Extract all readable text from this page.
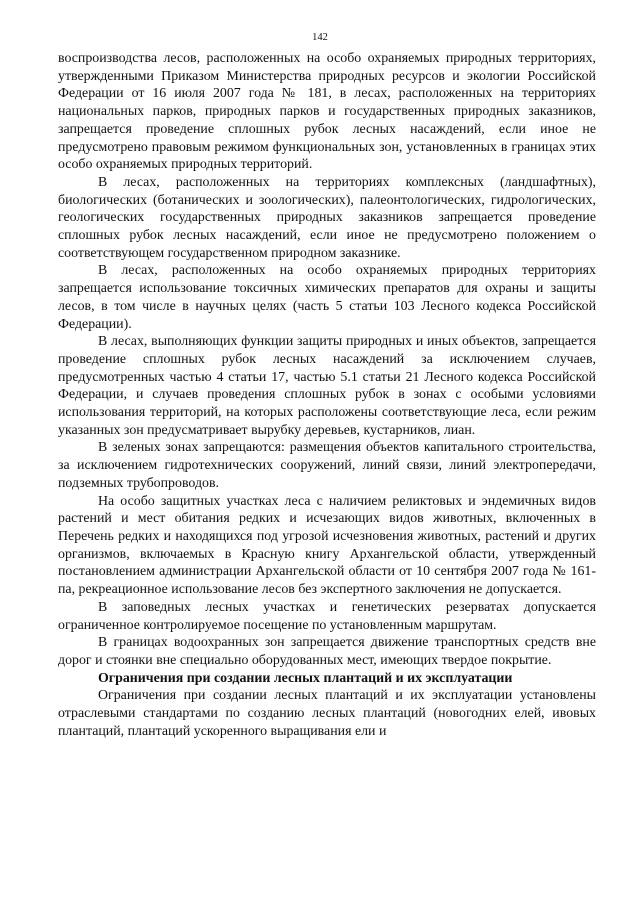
142

воспроизводства лесов, расположенных на особо охраняемых природных территориях, утвержденными Приказом Министерства природных ресурсов и экологии Российской Федерации от 16 июля 2007 года № 181, в лесах, расположенных на территориях национальных парков, природных парков и государственных природных заказников, запрещается проведение сплошных рубок лесных насаждений, если иное не предусмотрено правовым режимом функциональных зон, установленных в границах этих особо охраняемых природных территорий.

В лесах, расположенных на территориях комплексных (ландшафтных), биологических (ботанических и зоологических), палеонтологических, гидрологических, геологических государственных природных заказников запрещается проведение сплошных рубок лесных насаждений, если иное не предусмотрено положением о соответствующем государственном природном заказнике.

В лесах, расположенных на особо охраняемых природных территориях запрещается использование токсичных химических препаратов для охраны и защиты лесов, в том числе в научных целях (часть 5 статьи 103 Лесного кодекса Российской Федерации).

В лесах, выполняющих функции защиты природных и иных объектов, запрещается проведение сплошных рубок лесных насаждений за исключением случаев, предусмотренных частью 4 статьи 17, частью 5.1 статьи 21 Лесного кодекса Российской Федерации, и случаев проведения сплошных рубок в зонах с особыми условиями использования территорий, на которых расположены соответствующие леса, если режим указанных зон предусматривает вырубку деревьев, кустарников, лиан.

В зеленых зонах запрещаются: размещения объектов капитального строительства, за исключением гидротехнических сооружений, линий связи, линий электропередачи, подземных трубопроводов.

На особо защитных участках леса с наличием реликтовых и эндемичных видов растений и мест обитания редких и исчезающих видов животных, включенных в Перечень редких и находящихся под угрозой исчезновения животных, растений и других организмов, включаемых в Красную книгу Архангельской области, утвержденный постановлением администрации Архангельской области от 10 сентября 2007 года № 161-па, рекреационное использование лесов без экспертного заключения не допускается.

В заповедных лесных участках и генетических резерватах допускается ограниченное контролируемое посещение по установленным маршрутам.

В границах водоохранных зон запрещается движение транспортных средств вне дорог и стоянки вне специально оборудованных мест, имеющих твердое покрытие.

Ограничения при создании лесных плантаций и их эксплуатации

Ограничения при создании лесных плантаций и их эксплуатации установлены отраслевыми стандартами по созданию лесных плантаций (новогодних елей, ивовых плантаций, плантаций ускоренного выращивания ели и
